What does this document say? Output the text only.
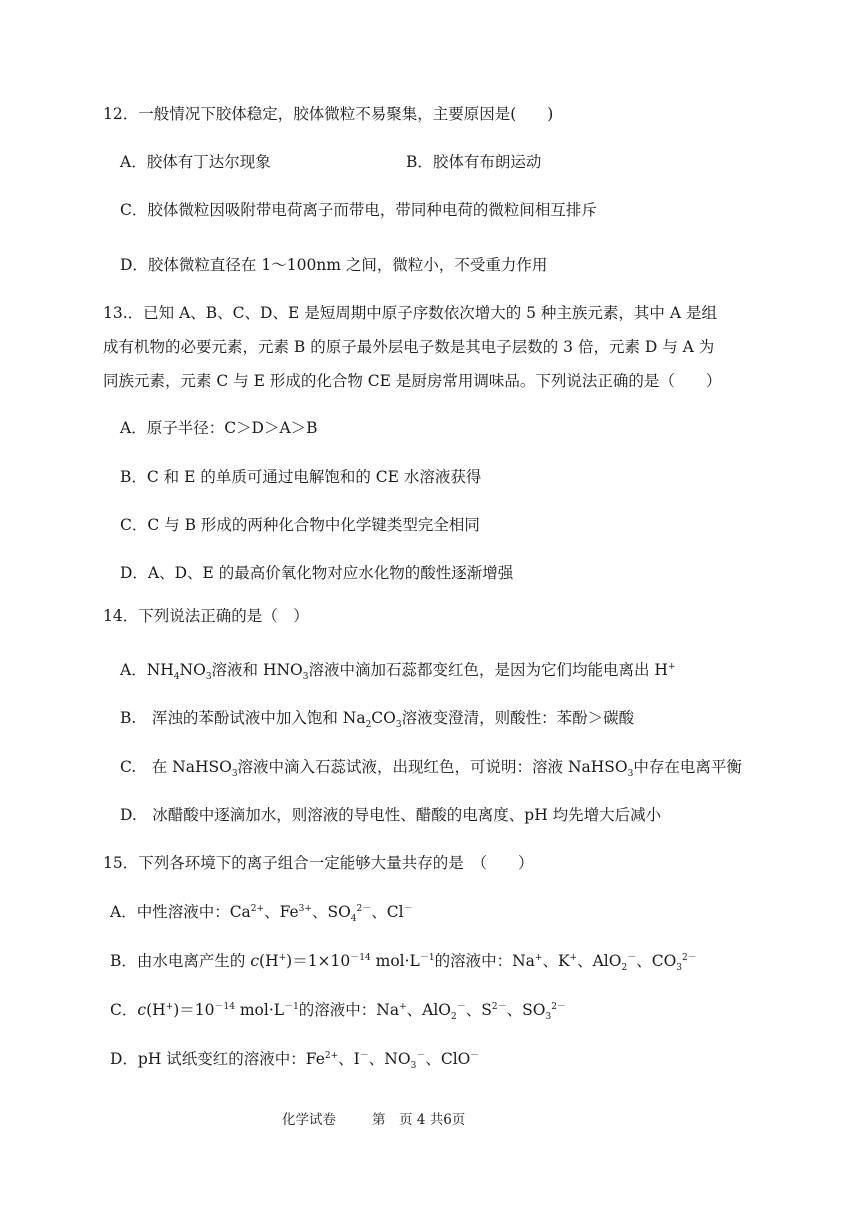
12．一般情况下胶体稳定，胶体微粒不易聚集，主要原因是(　　)
A．胶体有丁达尔现象	B．胶体有布朗运动
C．胶体微粒因吸附带电荷离子而带电，带同种电荷的微粒间相互排斥
D．胶体微粒直径在 1～100nm 之间，微粒小，不受重力作用
13.．已知 A、B、C、D、E 是短周期中原子序数依次增大的 5 种主族元素，其中 A 是组
成有机物的必要元素，元素 B 的原子最外层电子数是其电子层数的 3 倍，元素 D 与 A 为
同族元素，元素 C 与 E 形成的化合物 CE 是厨房常用调味品。下列说法正确的是（　　）
A．原子半径：C＞D＞A＞B
B．C 和 E 的单质可通过电解饱和的 CE 水溶液获得
C．C 与 B 形成的两种化合物中化学键类型完全相同
D．A、D、E 的最高价氧化物对应水化物的酸性逐渐增强
14．下列说法正确的是（　）
A．$NH_4NO_3$溶液和 $HNO_3$溶液中滴加石蕊都变红色，是因为它们均能电离出 H+
B.　浑浊的苯酚试液中加入饱和 $Na_2CO_3$溶液变澄清，则酸性：苯酚＞碳酸
C.　在 NaHSO$_3$溶液中滴入石蕊试液，出现红色，可说明：溶液 NaHSO$_3$中存在电离平衡
D.　冰醋酸中逐滴加水，则溶液的导电性、醋酸的电离度、pH 均先增大后减小
15．下列各环境下的离子组合一定能够大量共存的是　（　　）
A．中性溶液中：$Ca^{2+}$、$Fe^{3+}$、$SO_4^{2-}$、Cl－
B．由水电离产生的 $c(H^+)=1\times 10^{-14}$ $mol\cdot L^{-1}$的溶液中：Na+、K+、AlO$_2$－、$CO_3^{2-}$
C．$c(H^+)=10^{-14}$ $mol\cdot L^{-1}$的溶液中：Na+、AlO$_2$－、$S^{2-}$、$SO_3^{2-}$
D．pH 试纸变红的溶液中：$Fe^{2+}$、I－、$NO_3^-$、ClO－
化学试卷	第　页 4 共6页
